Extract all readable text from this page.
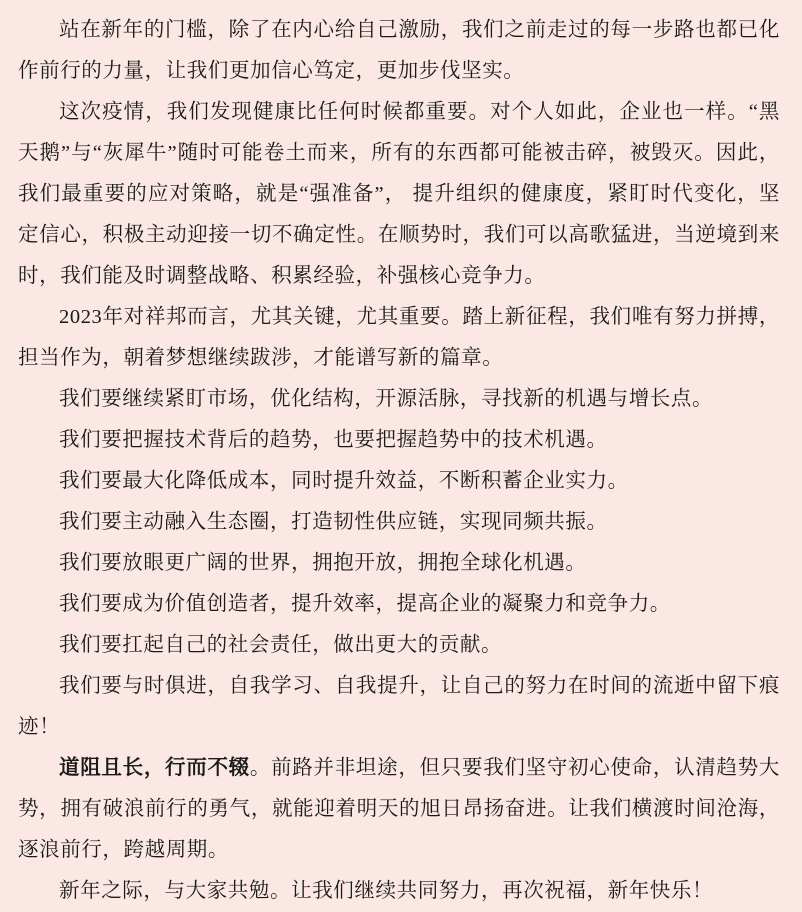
站在新年的门槛，除了在内心给自己激励，我们之前走过的每一步路也都已化作前行的力量，让我们更加信心笃定，更加步伐坚实。

这次疫情，我们发现健康比任何时候都重要。对个人如此，企业也一样。“黑天鹅”与“灰犀牛”随时可能卷土而来，所有的东西都可能被击碎，被毁灭。因此，我们最重要的应对策略，就是“强准备”， 提升组织的健康度，紧盯时代变化，坚定信心，积极主动迎接一切不确定性。在顺势时，我们可以高歌猛进，当逆境到来时，我们能及时调整战略、积累经验，补强核心竞争力。

2023年对祥邦而言，尤其关键，尤其重要。踏上新征程，我们唯有努力拼搏，担当作为，朝着梦想继续跋涉，才能谱写新的篇章。

我们要继续紧盯市场，优化结构，开源活脉，寻找新的机遇与增长点。

我们要把握技术背后的趋势，也要把握趋势中的技术机遇。

我们要最大化降低成本，同时提升效益，不断积蓄企业实力。

我们要主动融入生态圈，打造韧性供应链，实现同频共振。

我们要放眼更广阔的世界，拥抱开放，拥抱全球化机遇。

我们要成为价值创造者，提升效率，提高企业的凝聚力和竞争力。

我们要扛起自己的社会责任，做出更大的贡献。

我们要与时俱进，自我学习、自我提升，让自己的努力在时间的流逝中留下痕迹！

道阻且长，行而不辍。前路并非坦途，但只要我们坚守初心使命，认清趋势大势，拥有破浪前行的勇气，就能迎着明天的旭日昂扬奋进。让我们横渡时间沧海，逐浪前行，跨越周期。

新年之际，与大家共勉。让我们继续共同努力，再次祝福，新年快乐！
